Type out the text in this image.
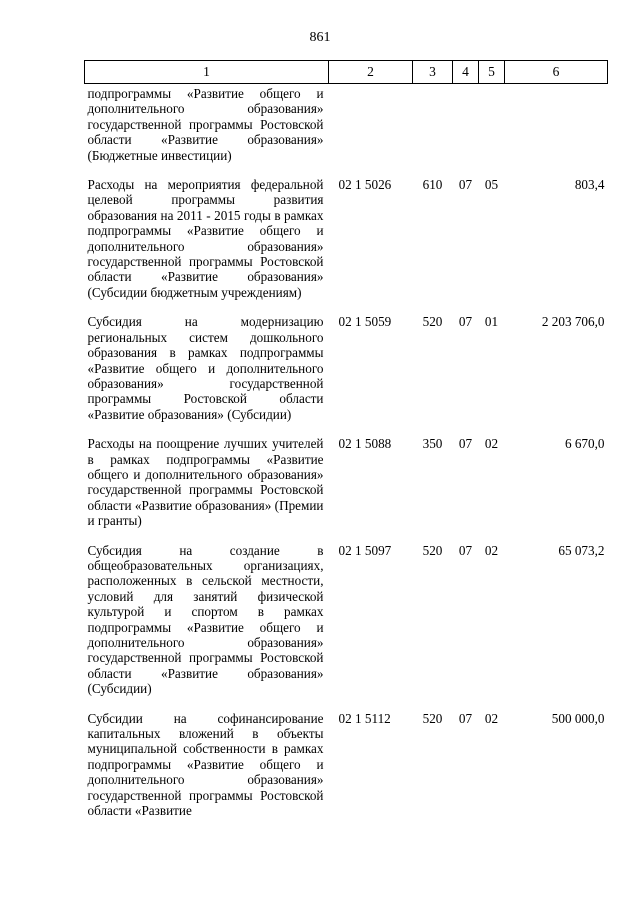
861
1	2	3	4	5	6
подпрограммы «Развитие общего и дополнительного образования» государственной программы Ростовской области «Развитие образования» (Бюджетные инвестиции)					
Расходы на мероприятия федеральной целевой программы развития образования на 2011 - 2015 годы в рамках подпрограммы «Развитие общего и дополнительного образования» государственной программы Ростовской области «Развитие образования» (Субсидии бюджетным учреждениям)	02 1 5026	610	07	05	803,4
Субсидия на модернизацию региональных систем дошкольного образования в рамках подпрограммы «Развитие общего и дополнительного образования» государственной программы Ростовской области «Развитие образования» (Субсидии)	02 1 5059	520	07	01	2 203 706,0
Расходы на поощрение лучших учителей в рамках подпрограммы «Развитие общего и дополнительного образования» государственной программы Ростовской области «Развитие образования» (Премии и гранты)	02 1 5088	350	07	02	6 670,0
Субсидия на создание в общеобразовательных организациях, расположенных в сельской местности, условий для занятий физической культурой и спортом в рамках подпрограммы «Развитие общего и дополнительного образования» государственной программы Ростовской области «Развитие образования» (Субсидии)	02 1 5097	520	07	02	65 073,2
Субсидии на софинансирование капитальных вложений в объекты муниципальной собственности в рамках подпрограммы «Развитие общего и дополнительного образования» государственной программы Ростовской области «Развитие	02 1 5112	520	07	02	500 000,0
